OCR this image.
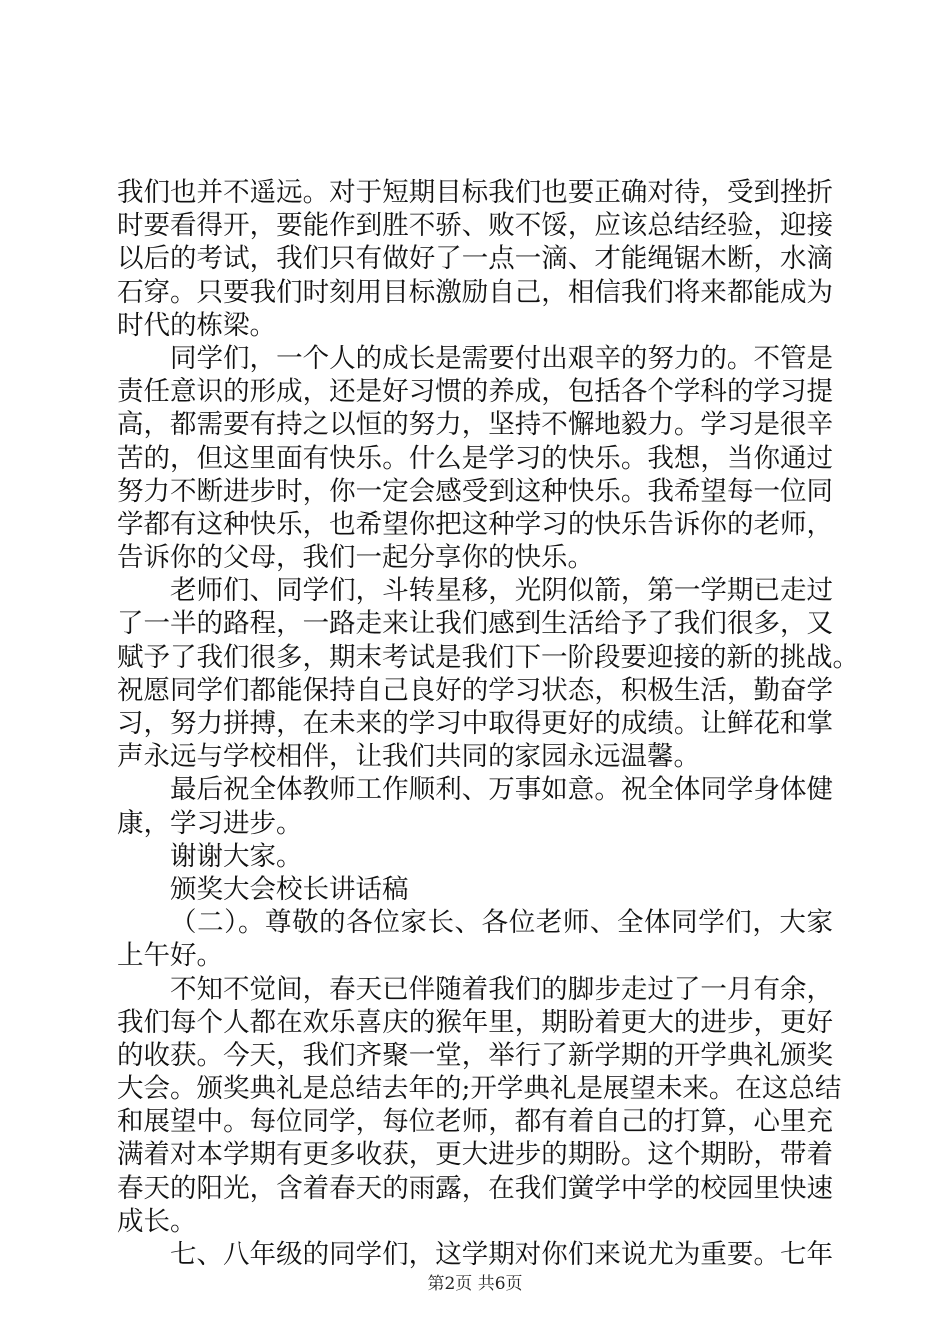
我们也并不遥远。对于短期目标我们也要正确对待，受到挫折
时要看得开，要能作到胜不骄、败不馁，应该总结经验，迎接
以后的考试，我们只有做好了一点一滴、才能绳锯木断，水滴
石穿。只要我们时刻用目标激励自己，相信我们将来都能成为
时代的栋梁。
同学们，一个人的成长是需要付出艰辛的努力的。不管是
责任意识的形成，还是好习惯的养成，包括各个学科的学习提
高，都需要有持之以恒的努力，坚持不懈地毅力。学习是很辛
苦的，但这里面有快乐。什么是学习的快乐。我想，当你通过
努力不断进步时，你一定会感受到这种快乐。我希望每一位同
学都有这种快乐，也希望你把这种学习的快乐告诉你的老师，
告诉你的父母，我们一起分享你的快乐。
老师们、同学们，斗转星移，光阴似箭，第一学期已走过
了一半的路程，一路走来让我们感到生活给予了我们很多，又
赋予了我们很多，期末考试是我们下一阶段要迎接的新的挑战。
祝愿同学们都能保持自己良好的学习状态，积极生活，勤奋学
习，努力拼搏，在未来的学习中取得更好的成绩。让鲜花和掌
声永远与学校相伴，让我们共同的家园永远温馨。
最后祝全体教师工作顺利、万事如意。祝全体同学身体健
康，学习进步。
谢谢大家。
颁奖大会校长讲话稿
（二）。尊敬的各位家长、各位老师、全体同学们，大家
上午好。
不知不觉间，春天已伴随着我们的脚步走过了一月有余，
我们每个人都在欢乐喜庆的猴年里，期盼着更大的进步，更好
的收获。今天，我们齐聚一堂，举行了新学期的开学典礼颁奖
大会。颁奖典礼是总结去年的;开学典礼是展望未来。在这总结
和展望中。每位同学，每位老师，都有着自己的打算，心里充
满着对本学期有更多收获，更大进步的期盼。这个期盼，带着
春天的阳光，含着春天的雨露，在我们黉学中学的校园里快速
成长。
七、八年级的同学们，这学期对你们来说尤为重要。七年
第2页 共6页
